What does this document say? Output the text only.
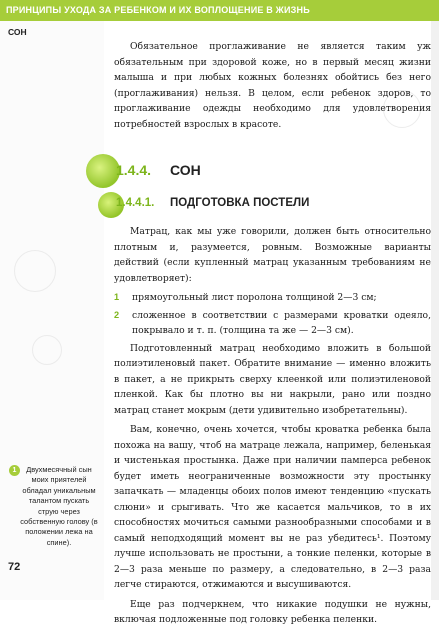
ПРИНЦИПЫ УХОДА ЗА РЕБЕНКОМ И ИХ ВОПЛОЩЕНИЕ В ЖИЗНЬ
СОН

Обязательное проглаживание не является таким уж обязательным при здоровой коже, но в первый месяц жизни малыша и при любых кожных болезнях обойтись без него (проглаживания) нельзя. В целом, если ребенок здоров, то проглаживание одежды необходимо для удовлетворения потребностей взрослых в красоте.

1.4.4. СОН
1.4.4.1. ПОДГОТОВКА ПОСТЕЛИ

Матрац, как мы уже говорили, должен быть относительно плотным и, разумеется, ровным. Возможные варианты действий (если купленный матрац указанным требованиям не удовлетворяет):

1 прямоугольный лист поролона толщиной 2—3 см;
2 сложенное в соответствии с размерами кроватки одеяло, покрывало и т. п. (толщина та же — 2—3 см).

Подготовленный матрац необходимо вложить в большой полиэтиленовый пакет. Обратите внимание — именно вложить в пакет, а не прикрыть сверху клеенкой или полиэтиленовой пленкой. Как бы плотно вы ни накрыли, рано или поздно матрац станет мокрым (дети удивительно изобретательны).

Вам, конечно, очень хочется, чтобы кроватка ребенка была похожа на вашу, чтоб на матраце лежала, например, беленькая и чистенькая простынка. Даже при наличии памперса ребенок будет иметь неограниченные возможности эту простынку запачкать — младенцы обоих полов имеют тенденцию «пускать слюни» и срыгивать. Что же касается мальчиков, то в их способностях мочиться самыми разнообразными способами и в самый неподходящий момент вы не раз убедитесь¹. Поэтому лучше использовать не простыни, а тонкие пеленки, которые в 2—3 раза меньше по размеру, а следовательно, в 2—3 раза легче стираются, отжимаются и высушиваются.

Еще раз подчеркнем, что никакие подушки не нужны, включая подложенные под головку ребенка пеленки.

1	Двухмесячный сын моих приятелей обладал уникальным талантом пускать струю через собственную голову (в положении лежа на спине).
72
